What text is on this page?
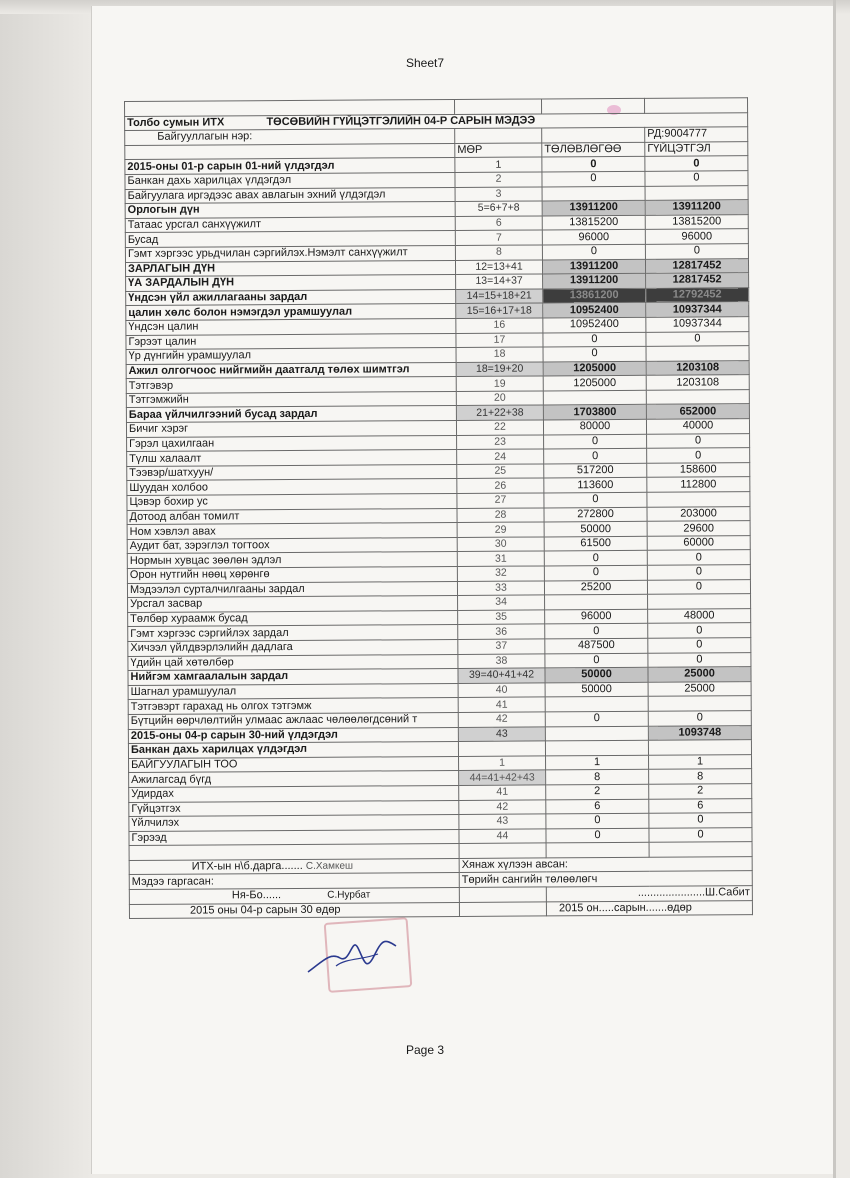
Sheet7

Толбо сумын ИТХ ТӨСӨВИЙН ГҮЙЦЭТГЭЛИЙН 04-Р САРЫН МЭДЭЭ			
Байгууллагын нэр:			РД:9004777
	МӨР	ТӨЛӨВЛӨГӨӨ	ГҮЙЦЭТГЭЛ
2015-оны 01-р сарын 01-ний үлдэгдэл	1	0	0
Банкан дахь харилцах үлдэгдэл	2	0	0
Байгуулага иргэдээс авах авлагын эхний үлдэгдэл	3		
Орлогын дүн	5=6+7+8	13911200	13911200
Татаас урсгал санхүүжилт	6	13815200	13815200
Бусад	7	96000	96000
Гэмт хэргээс урьдчилан сэргийлэх.Нэмэлт санхүүжилт	8	0	0
ЗАРЛАГЫН ДҮН	12=13+41	13911200	12817452
ҮА ЗАРДАЛЫН ДҮН	13=14+37	13911200	12817452
Үндсэн үйл ажиллагааны зардал	14=15+18+21	13861200	12792452
цалин хөлс болон нэмэгдэл урамшуулал	15=16+17+18	10952400	10937344
Үндсэн цалин	16	10952400	10937344
Гэрээт цалин	17	0	0
Үр дүнгийн урамшуулал	18	0	
Ажил олгогчоос нийгмийн даатгалд төлөх шимтгэл	18=19+20	1205000	1203108
Тэтгэвэр	19	1205000	1203108
Тэтгэмжийн	20		
Бараа үйлчилгээний бусад зардал	21+22+38	1703800	652000
Бичиг хэрэг	22	80000	40000
Гэрэл цахилгаан	23	0	0
Түлш халаалт	24	0	0
Тээвэр/шатхуун/	25	517200	158600
Шуудан холбоо	26	113600	112800
Цэвэр бохир ус	27	0	
Дотоод албан томилт	28	272800	203000
Ном хэвлэл авах	29	50000	29600
Аудит бат, зэрэглэл тогтоох	30	61500	60000
Нормын хувцас зөөлөн эдлэл	31	0	0
Орон нутгийн нөөц хөрөнгө	32	0	0
Мэдээлэл сурталчилгааны зардал	33	25200	0
Урсгал засвар	34		
Төлбөр хураамж бусад	35	96000	48000
Гэмт хэргээс сэргийлэх зардал	36	0	0
Хичээл үйлдвэрлэлийн дадлага	37	487500	0
Үдийн цай хөтөлбөр	38	0	0
Нийгэм хамгаалалын зардал	39=40+41+42	50000	25000
Шагнал урамшуулал	40	50000	25000
Тэтгэвэрт гарахад нь олгох тэтгэмж	41		
Бүтцийн өөрчлөлтийн улмаас ажлаас чөлөөлөгдсөний т	42	0	0
2015-оны 04-р сарын 30-ний үлдэгдэл	43		1093748
Банкан дахь харилцах үлдэгдэл			
БАЙГУУЛАГЫН ТОО	1	1	1
Ажилагсад бүгд	44=41+42+43	8	8
Удирдах	41	2	2
Гүйцэтгэх	42	6	6
Үйлчилэх	43	0	0
Гэрээд	44	0	0

ИТХ-ын н\б.дарга....... С.Хамкеш	Хянаж хүлээн авсан:		
Мэдээ гаргасан:	Төрийн сангийн төлөөлөгч		
Ня-Бо...... С.Нурбат		......................Ш.Сабит	
2015 оны 04-р сарын 30 өдөр		2015 он.....сарын.......өдөр	
Page 3
